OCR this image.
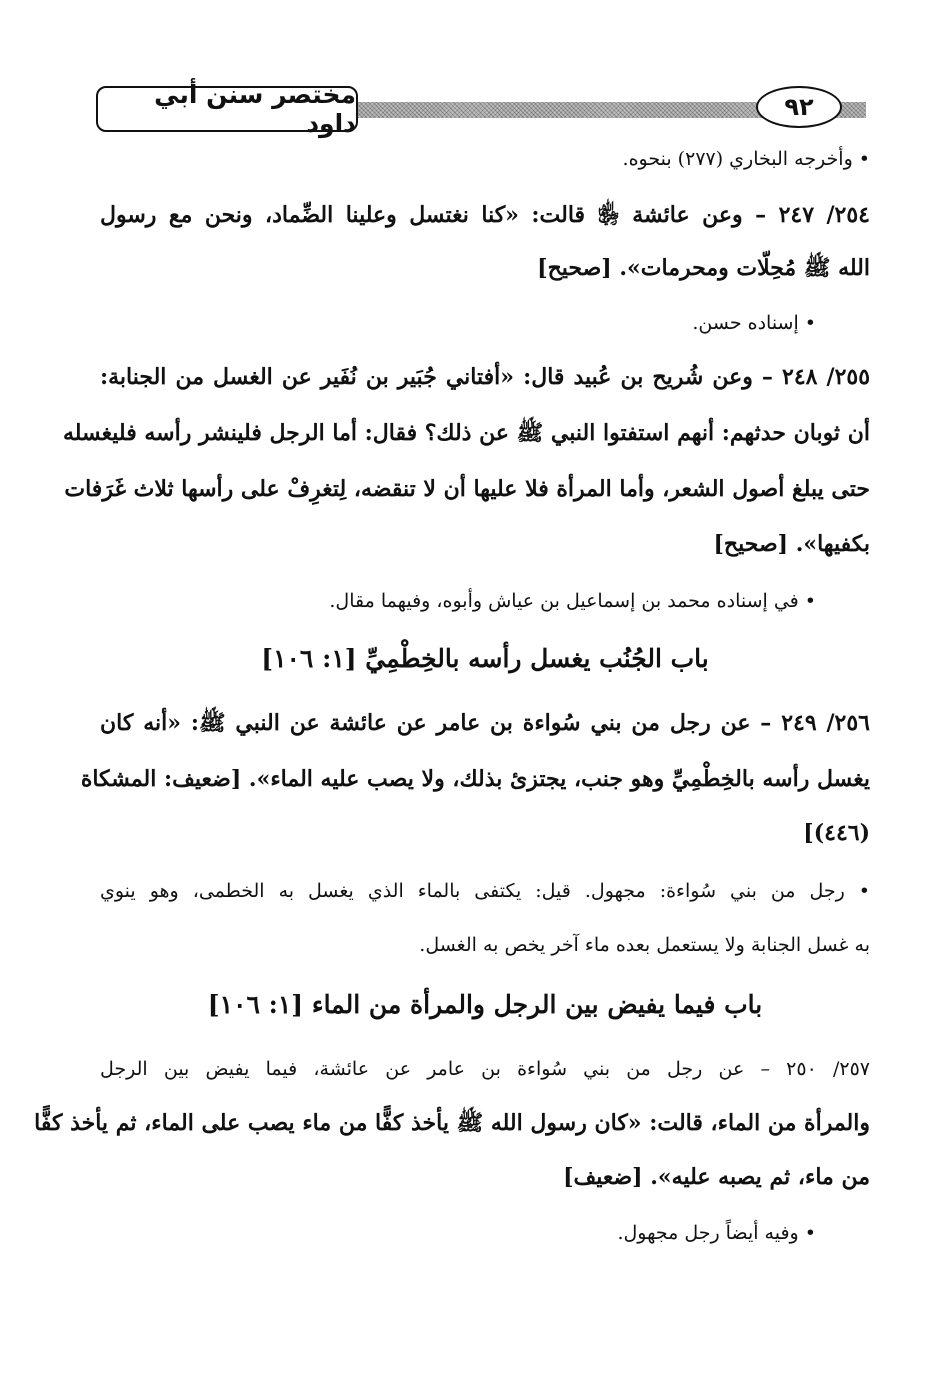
مختصر سنن أبي داود
٩٢
• وأخرجه البخاري (٢٧٧) بنحوه.
٢٥٤/ ٢٤٧ – وعن عائشة ﵂ قالت: «كنا نغتسل وعلينا الضِّماد، ونحن مع رسول
الله ﷺ مُحِلّات ومحرمات». [صحيح]
• إسناده حسن.
٢٥٥/ ٢٤٨ – وعن شُريح بن عُبيد قال: «أفتاني جُبَير بن نُفَير عن الغسل من الجنابة:
أن ثوبان حدثهم: أنهم استفتوا النبي ﷺ عن ذلك؟ فقال: أما الرجل فلينشر رأسه فليغسله
حتى يبلغ أصول الشعر، وأما المرأة فلا عليها أن لا تنقضه، لِتغرِفْ على رأسها ثلاث غَرَفات
بكفيها». [صحيح]
• في إسناده محمد بن إسماعيل بن عياش وأبوه، وفيهما مقال.
باب الجُنُب يغسل رأسه بالخِطْمِيِّ [١: ١٠٦]
٢٥٦/ ٢٤٩ – عن رجل من بني سُواءة بن عامر عن عائشة عن النبي ﷺ: «أنه كان
يغسل رأسه بالخِطْمِيِّ وهو جنب، يجتزئ بذلك، ولا يصب عليه الماء». [ضعيف: المشكاة
(٤٤٦)]
• رجل من بني سُواءة: مجهول. قيل: يكتفى بالماء الذي يغسل به الخطمى، وهو ينوي
به غسل الجنابة ولا يستعمل بعده ماء آخر يخص به الغسل.
باب فيما يفيض بين الرجل والمرأة من الماء [١: ١٠٦]
٢٥٧/ ٢٥٠ – عن رجل من بني سُواءة بن عامر عن عائشة، فيما يفيض بين الرجل
والمرأة من الماء، قالت: «كان رسول الله ﷺ يأخذ كفًّا من ماء يصب على الماء، ثم يأخذ كفًّا
من ماء، ثم يصبه عليه». [ضعيف]
• وفيه أيضاً رجل مجهول.
